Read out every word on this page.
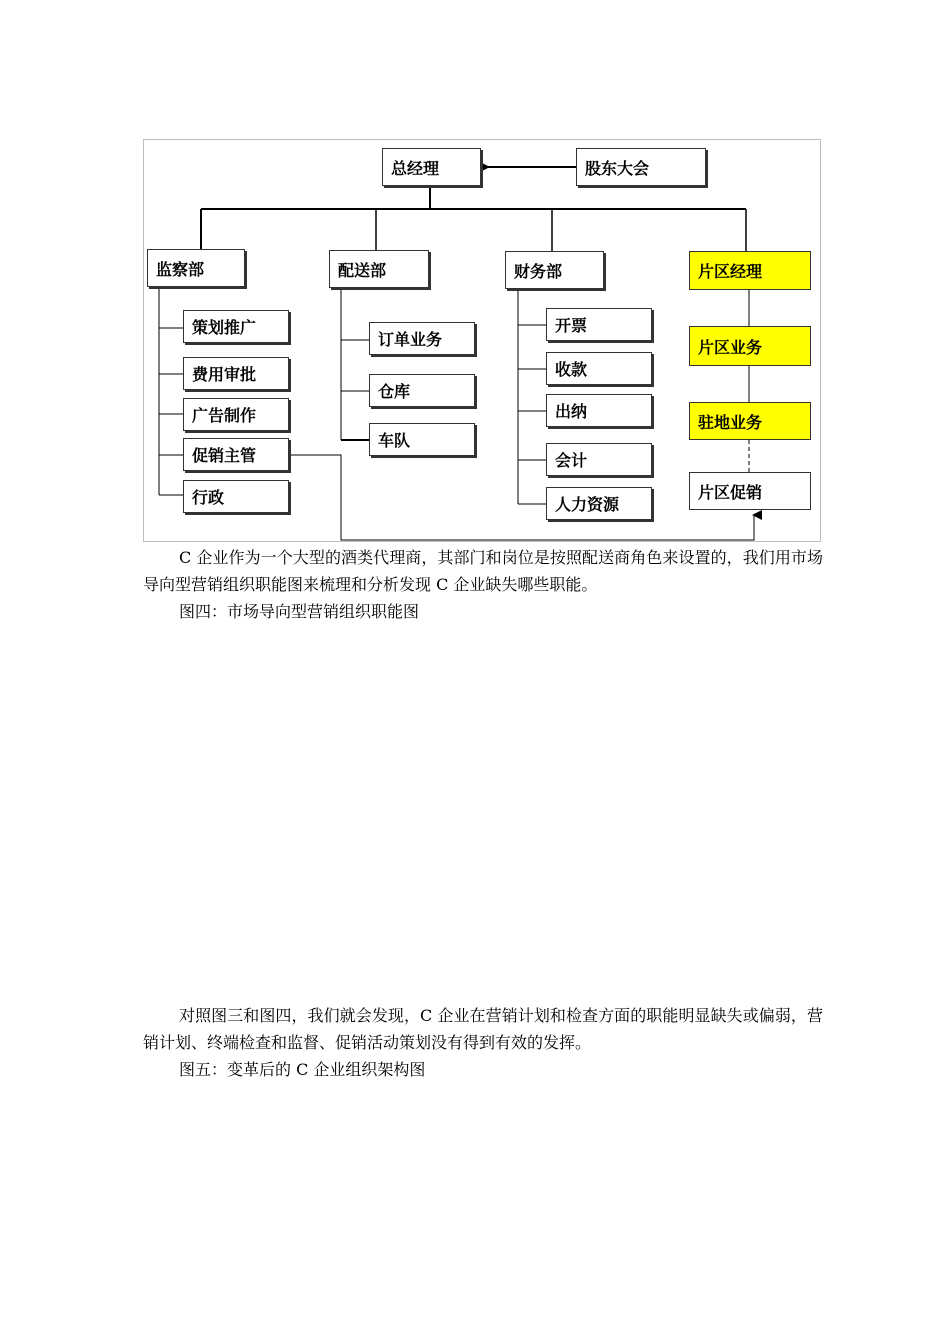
总经理	股东大会
监察部
策划推广
费用审批
广告制作
促销主管
行政
配送部
订单业务
仓库
车队
财务部
开票
收款
出纳
会计
人力资源
片区经理
片区业务
驻地业务
片区促销

C 企业作为一个大型的酒类代理商，其部门和岗位是按照配送商角色来设置的，我们用市场导向型营销组织职能图来梳理和分析发现 C 企业缺失哪些职能。

图四：市场导向型营销组织职能图

对照图三和图四，我们就会发现，C 企业在营销计划和检查方面的职能明显缺失或偏弱，营销计划、终端检查和监督、促销活动策划没有得到有效的发挥。

图五：变革后的 C 企业组织架构图
